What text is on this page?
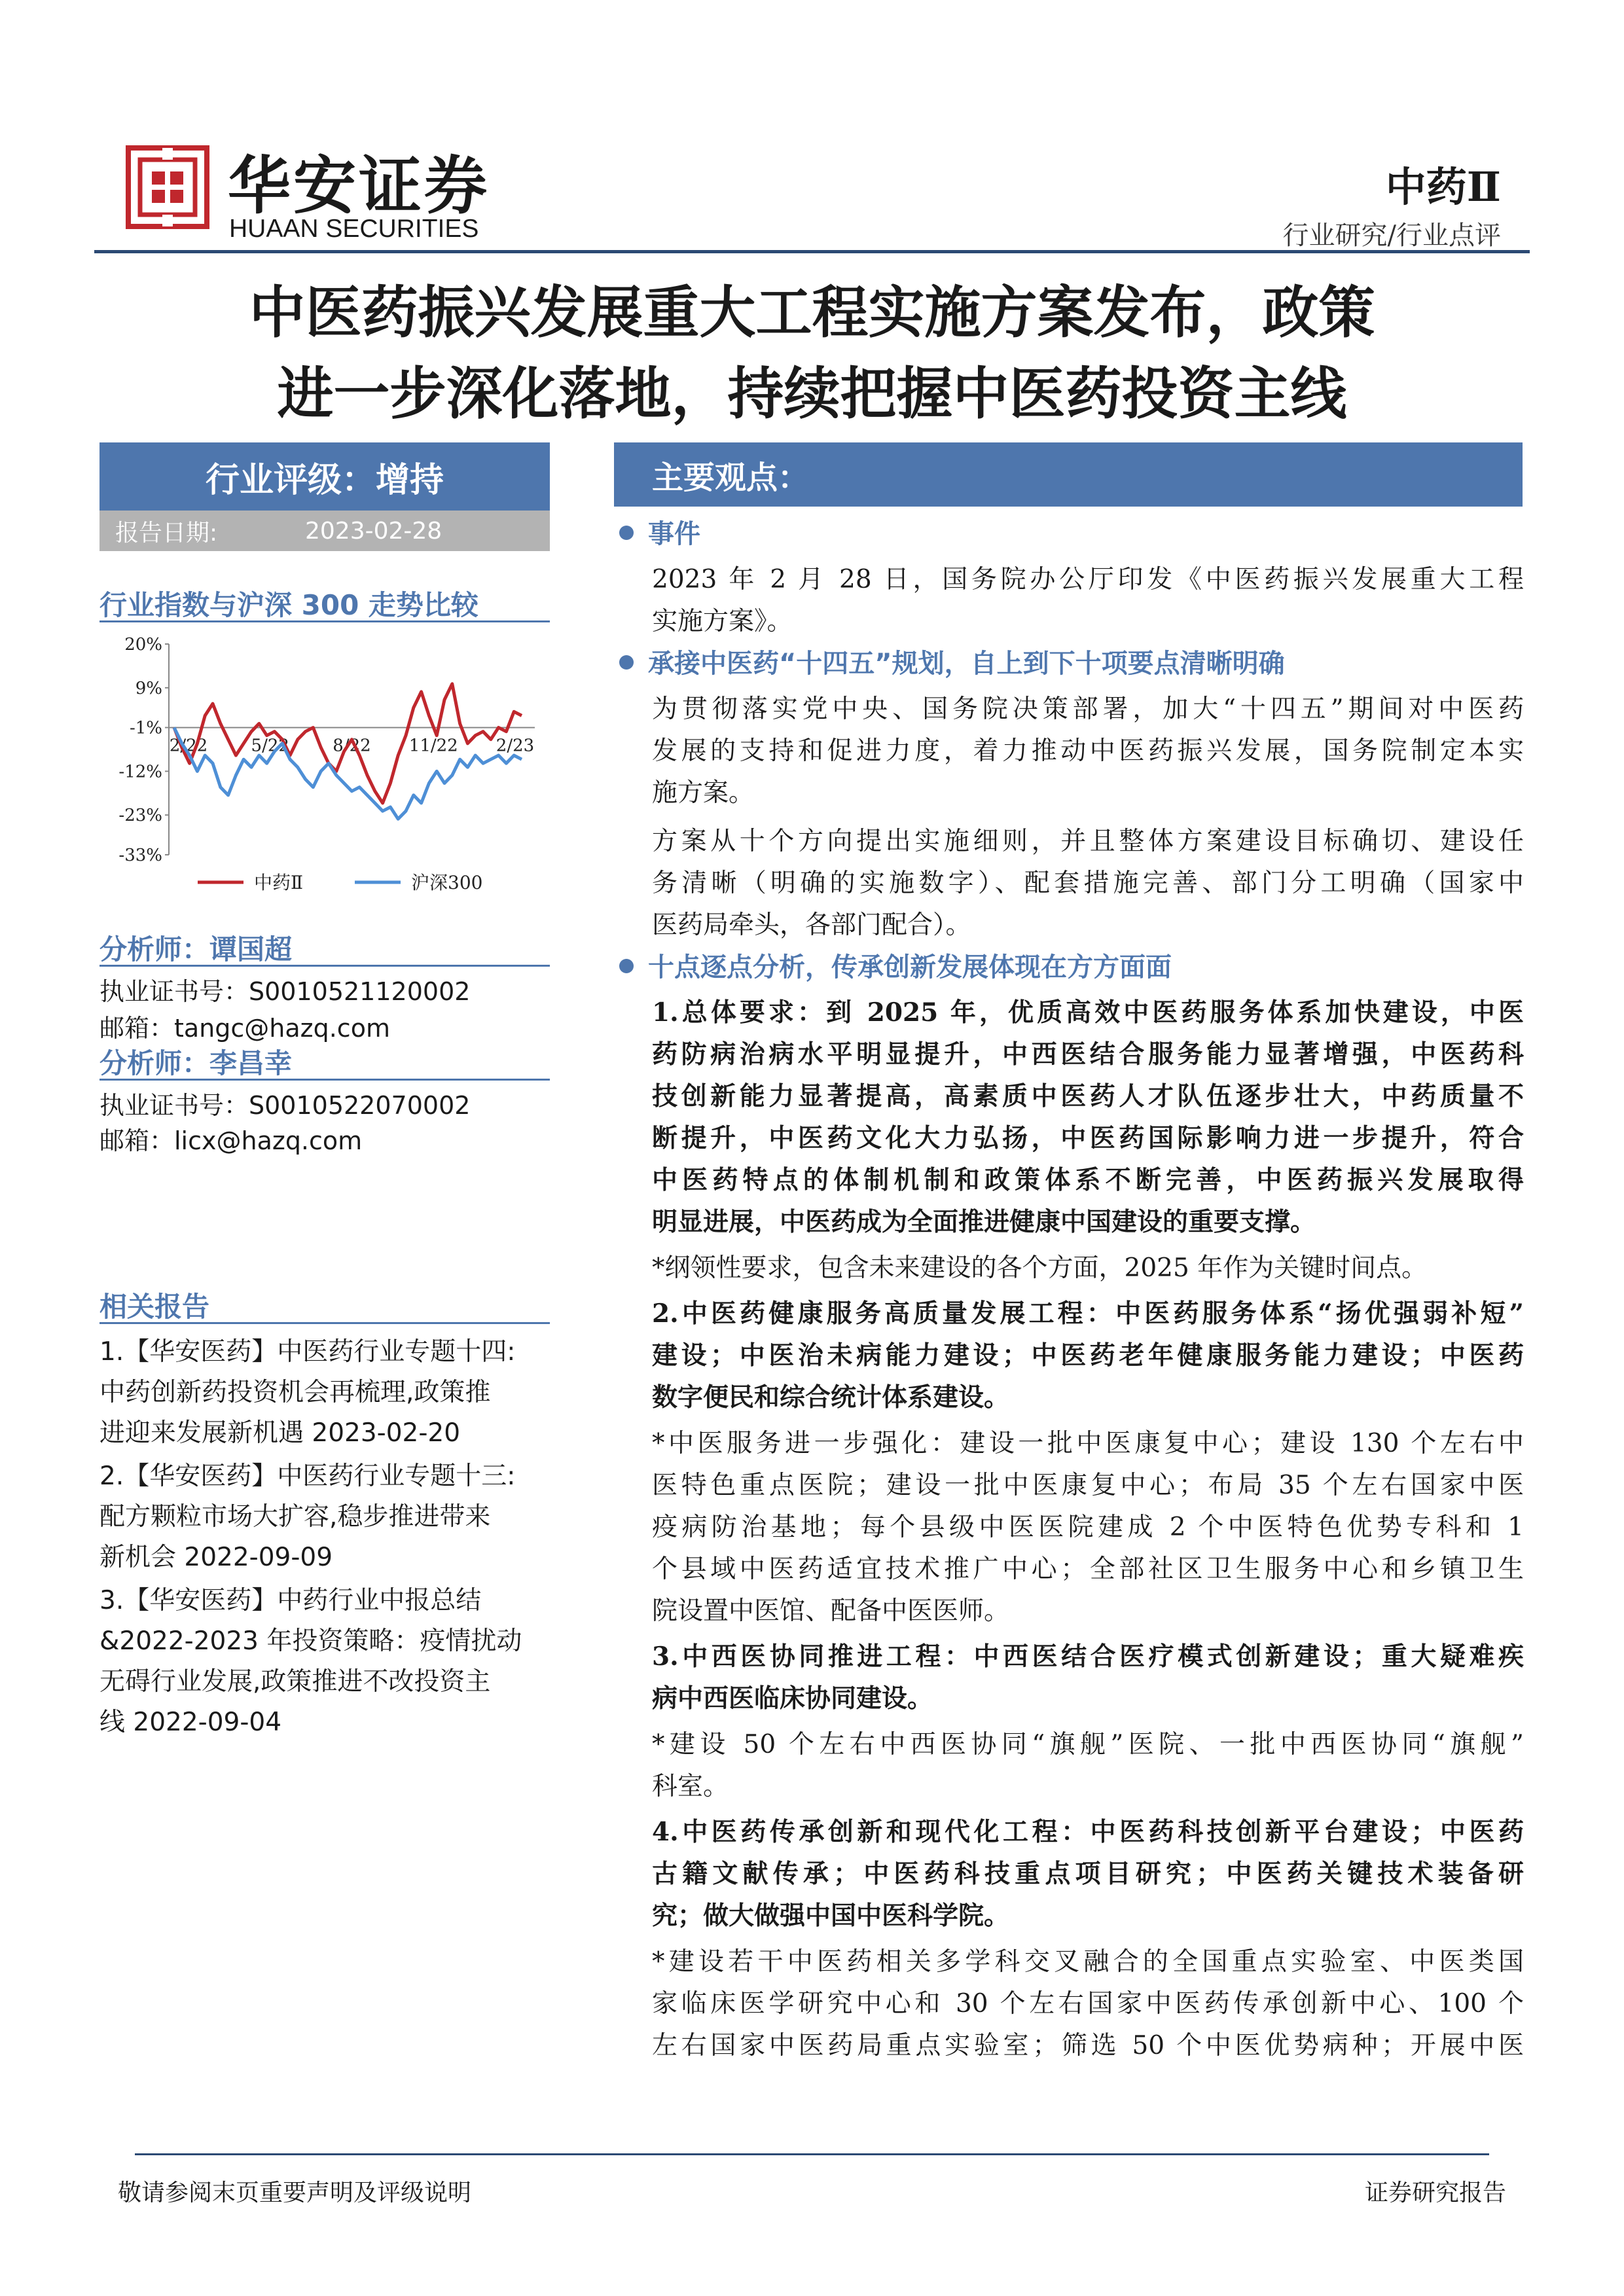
华安证券
HUAAN SECURITIES
中药Ⅱ
行业研究/行业点评
中医药振兴发展重大工程实施方案发布，政策
进一步深化落地，持续把握中医药投资主线
行业评级：增持
报告日期:	2023-02-28
行业指数与沪深 300 走势比较
20%
9%
-1%
-12%
-23%
-33%
2/22	5/22	8/22 11/22 2/23
中药Ⅱ	沪深300
分析师：谭国超
执业证书号：S0010521120002
邮箱：tangc@hazq.com
分析师：李昌幸
执业证书号：S0010522070002
邮箱：licx@hazq.com
相关报告
1.【华安医药】中医药行业专题十四:
中药创新药投资机会再梳理,政策推
进迎来发展新机遇 2023-02-20
2.【华安医药】中医药行业专题十三:
配方颗粒市场大扩容,稳步推进带来
新机会 2022-09-09
3.【华安医药】中药行业中报总结
&2022-2023 年投资策略：疫情扰动
无碍行业发展,政策推进不改投资主
线 2022-09-04
主要观点：
事件
2023 年 2 月 28 日，国务院办公厅印发《中医药振兴发展重大工程
实施方案》。
承接中医药“十四五”规划，自上到下十项要点清晰明确
为贯彻落实党中央、国务院决策部署，加大“十四五”期间对中医药
发展的支持和促进力度，着力推动中医药振兴发展，国务院制定本实
施方案。
方案从十个方向提出实施细则，并且整体方案建设目标确切、建设任
务清晰（明确的实施数字）、配套措施完善、部门分工明确（国家中
医药局牵头，各部门配合）。
十点逐点分析，传承创新发展体现在方方面面
1.总体要求：到 2025 年，优质高效中医药服务体系加快建设，中医
药防病治病水平明显提升，中西医结合服务能力显著增强，中医药科
技创新能力显著提高，高素质中医药人才队伍逐步壮大，中药质量不
断提升，中医药文化大力弘扬，中医药国际影响力进一步提升，符合
中医药特点的体制机制和政策体系不断完善，中医药振兴发展取得
明显进展，中医药成为全面推进健康中国建设的重要支撑。
*纲领性要求，包含未来建设的各个方面，2025 年作为关键时间点。
2.中医药健康服务高质量发展工程：中医药服务体系“扬优强弱补短”
建设；中医治未病能力建设；中医药老年健康服务能力建设；中医药
数字便民和综合统计体系建设。
*中医服务进一步强化：建设一批中医康复中心；建设 130 个左右中
医特色重点医院；建设一批中医康复中心；布局 35 个左右国家中医
疫病防治基地；每个县级中医医院建成 2 个中医特色优势专科和 1
个县域中医药适宜技术推广中心；全部社区卫生服务中心和乡镇卫生
院设置中医馆、配备中医医师。
3.中西医协同推进工程：中西医结合医疗模式创新建设；重大疑难疾
病中西医临床协同建设。
*建设 50 个左右中西医协同“旗舰”医院、一批中西医协同“旗舰”
科室。
4.中医药传承创新和现代化工程：中医药科技创新平台建设；中医药
古籍文献传承；中医药科技重点项目研究；中医药关键技术装备研
究；做大做强中国中医科学院。
*建设若干中医药相关多学科交叉融合的全国重点实验室、中医类国
家临床医学研究中心和 30 个左右国家中医药传承创新中心、100 个
左右国家中医药局重点实验室；筛选 50 个中医优势病种；开展中医
敬请参阅末页重要声明及评级说明	证券研究报告
